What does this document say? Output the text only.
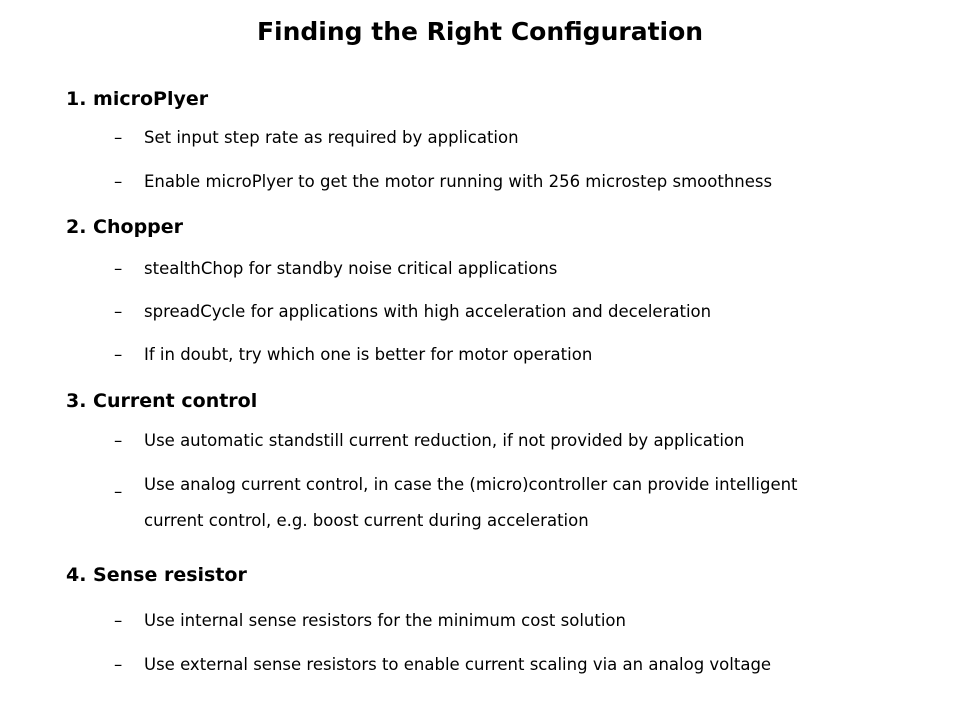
Finding the Right Configuration
1. microPlyer
– Set input step rate as required by application
– Enable microPlyer to get the motor running with 256 microstep smoothness
2. Chopper
– stealthChop for standby noise critical applications
– spreadCycle for applications with high acceleration and deceleration
– If in doubt, try which one is better for motor operation
3. Current control
– Use automatic standstill current reduction, if not provided by application
– Use analog current control, in case the (micro)controller can provide intelligent current control, e.g. boost current during acceleration
4. Sense resistor
– Use internal sense resistors for the minimum cost solution
– Use external sense resistors to enable current scaling via an analog voltage
